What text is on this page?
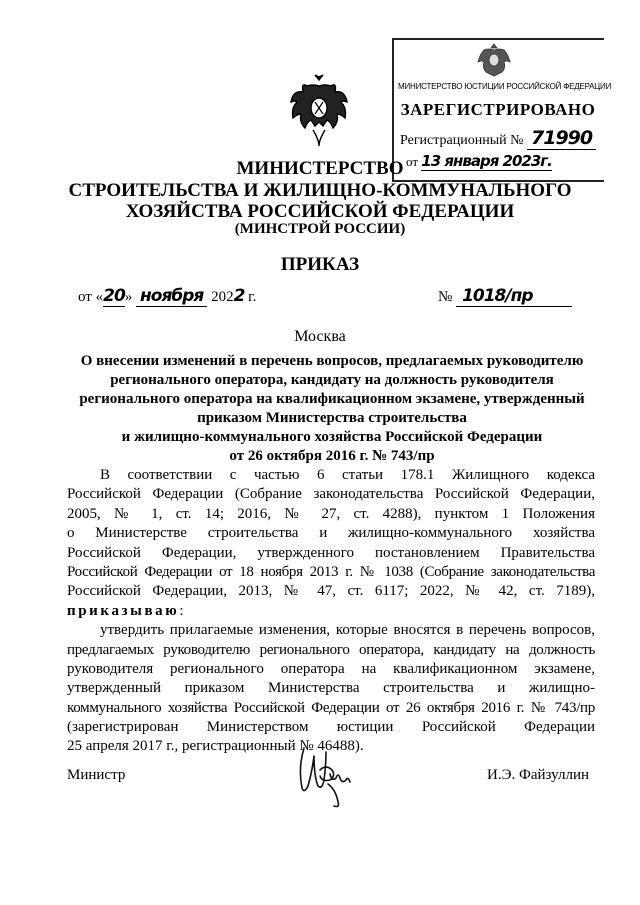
МИНИСТЕРСТВО ЮСТИЦИИ РОССИЙСКОЙ ФЕДЕРАЦИИ
ЗАРЕГИСТРИРОВАНО
Регистрационный № 71990
от 13 января 2023г.
МИНИСТЕРСТВО
СТРОИТЕЛЬСТВА И ЖИЛИЩНО-КОММУНАЛЬНОГО
ХОЗЯЙСТВА РОССИЙСКОЙ ФЕДЕРАЦИИ
(МИНСТРОЙ РОССИИ)
ПРИКАЗ
от «20» ноября 2022 г.	№ 1018/пр
Москва
О внесении изменений в перечень вопросов, предлагаемых руководителю
регионального оператора, кандидату на должность руководителя
регионального оператора на квалификационном экзамене, утвержденный
приказом Министерства строительства
и жилищно-коммунального хозяйства Российской Федерации
от 26 октября 2016 г. № 743/пр
В соответствии с частью 6 статьи 178.1 Жилищного кодекса
Российской Федерации (Собрание законодательства Российской Федерации,
2005, № 1, ст. 14; 2016, № 27, ст. 4288), пунктом 1 Положения
о Министерстве строительства и жилищно-коммунального хозяйства
Российской Федерации, утвержденного постановлением Правительства
Российской Федерации от 18 ноября 2013 г. № 1038 (Собрание законодательства
Российской Федерации, 2013, № 47, ст. 6117; 2022, № 42, ст. 7189),
приказываю:
утвердить прилагаемые изменения, которые вносятся в перечень вопросов,
предлагаемых руководителю регионального оператора, кандидату на должность
руководителя регионального оператора на квалификационном экзамене,
утвержденный приказом Министерства строительства и жилищно-
коммунального хозяйства Российской Федерации от 26 октября 2016 г. № 743/пр
(зарегистрирован Министерством юстиции Российской Федерации
25 апреля 2017 г., регистрационный № 46488).
Министр	И.Э. Файзуллин
